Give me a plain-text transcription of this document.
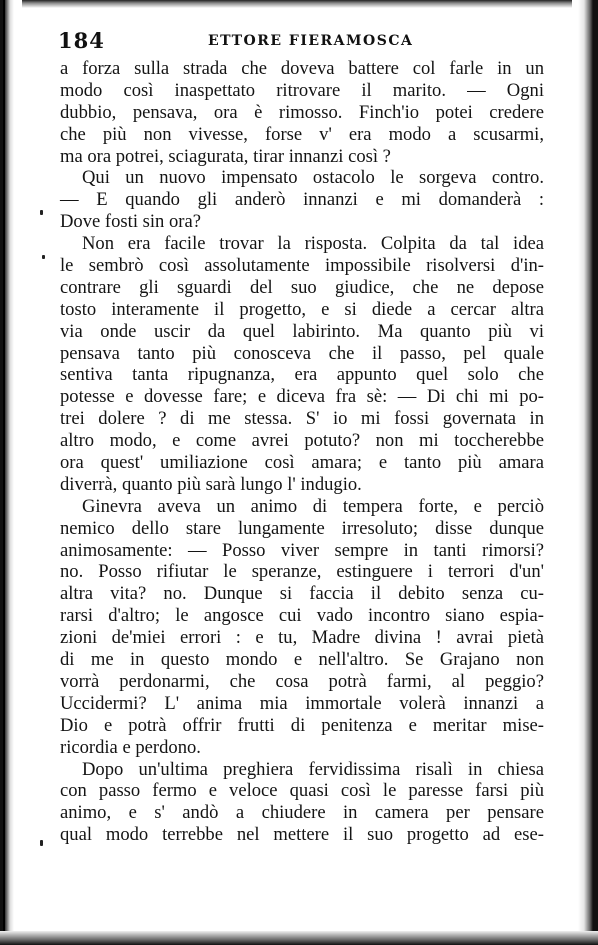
184	ETTORE FIERAMOSCA
a forza sulla strada che doveva battere col farle in un
modo così inaspettato ritrovare il marito. — Ogni
dubbio, pensava, ora è rimosso. Finch'io potei credere
che più non vivesse, forse v' era modo a scusarmi,
ma ora potrei, sciagurata, tirar innanzi così ?
Qui un nuovo impensato ostacolo le sorgeva contro.
— E quando gli anderò innanzi e mi domanderà :
Dove fosti sin ora?
Non era facile trovar la risposta. Colpita da tal idea
le sembrò così assolutamente impossibile risolversi d'in-
contrare gli sguardi del suo giudice, che ne depose
tosto interamente il progetto, e si diede a cercar altra
via onde uscir da quel labirinto. Ma quanto più vi
pensava tanto più conosceva che il passo, pel quale
sentiva tanta ripugnanza, era appunto quel solo che
potesse e dovesse fare; e diceva fra sè: — Di chi mi po-
trei dolere ? di me stessa. S' io mi fossi governata in
altro modo, e come avrei potuto? non mi toccherebbe
ora quest' umiliazione così amara; e tanto più amara
diverrà, quanto più sarà lungo l' indugio.
Ginevra aveva un animo di tempera forte, e perciò
nemico dello stare lungamente irresoluto; disse dunque
animosamente: — Posso viver sempre in tanti rimorsi?
no. Posso rifiutar le speranze, estinguere i terrori d'un'
altra vita? no. Dunque si faccia il debito senza cu-
rarsi d'altro; le angosce cui vado incontro siano espia-
zioni de'miei errori : e tu, Madre divina ! avrai pietà
di me in questo mondo e nell'altro. Se Grajano non
vorrà perdonarmi, che cosa potrà farmi, al peggio?
Uccidermi? L' anima mia immortale volerà innanzi a
Dio e potrà offrir frutti di penitenza e meritar mise-
ricordia e perdono.
Dopo un'ultima preghiera fervidissima risalì in chiesa
con passo fermo e veloce quasi così le paresse farsi più
animo, e s' andò a chiudere in camera per pensare
qual modo terrebbe nel mettere il suo progetto ad ese-
